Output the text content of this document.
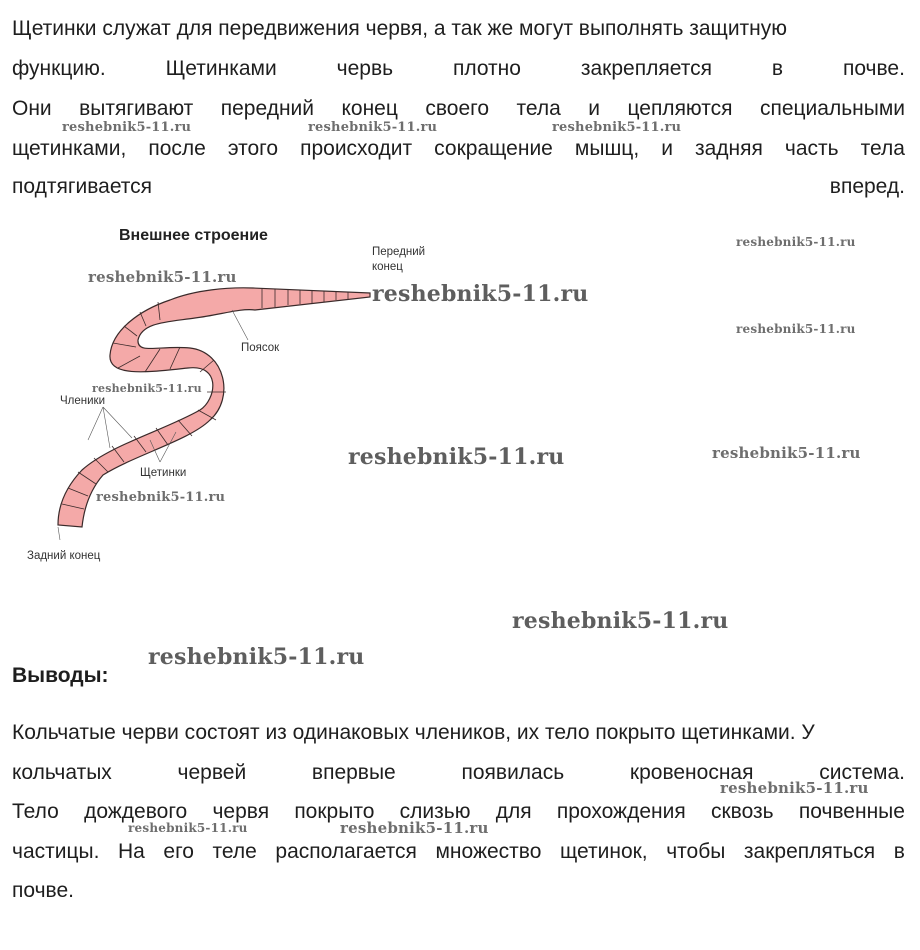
Щетинки служат для передвижения червя, а так же могут выполнять защитную
функцию.	Щетинками	червь	плотно	закрепляется	в	почве.
Они вытягивают передний конец своего тела и цепляются специальными
щетинками, после этого происходит сокращение мышц, и задняя часть тела
подтягивается	вперед.
Внешнее строение
Передний
конец
Поясок
Членики
Щетинки
Задний конец
Выводы:
Кольчатые черви состоят из одинаковых члеников, их тело покрыто щетинками. У
кольчатых	червей	впервые	появилась	кровеносная	система.
Тело дождевого червя покрыто слизью для прохождения сквозь почвенные
частицы. На его теле располагается множество щетинок, чтобы закрепляться в
почве.
reshebnik5-11.ru	reshebnik5-11.ru	reshebnik5-11.ru
reshebnik5-11.ru
reshebnik5-11.ru
reshebnik5-11.ru
reshebnik5-11.ru
reshebnik5-11.ru
reshebnik5-11.ru	reshebnik5-11.ru
reshebnik5-11.ru
reshebnik5-11.ru
reshebnik5-11.ru
reshebnik5-11.ru
reshebnik5-11.ru	reshebnik5-11.ru
